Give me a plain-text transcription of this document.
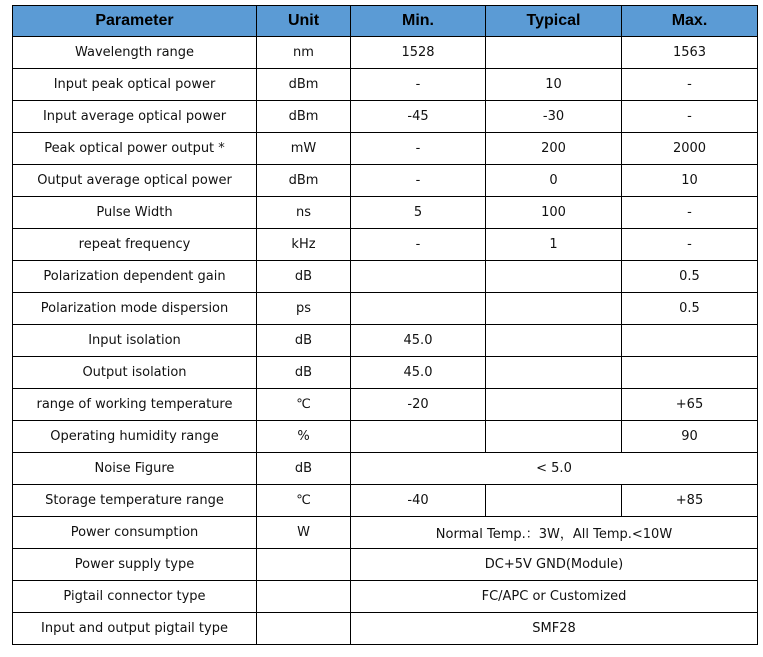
Parameter	Unit	Min.	Typical	Max.
Wavelength range	nm	1528		1563
Input peak optical power	dBm	-	10	-
Input average optical power	dBm	-45	-30	-
Peak optical power output *	mW	-	200	2000
Output average optical power	dBm	-	0	10
Pulse Width	ns	5	100	-
repeat frequency	kHz	-	1	-
Polarization dependent gain	dB			0.5
Polarization mode dispersion	ps			0.5
Input isolation	dB	45.0		
Output isolation	dB	45.0		
range of working temperature	℃	-20		+65
Operating humidity range	%			90
Noise Figure	dB	< 5.0		
Storage temperature range	℃	-40		+85
Power consumption	W	Normal Temp.：3W，All Temp.<10W		
Power supply type		DC+5V GND(Module)		
Pigtail connector type		FC/APC or Customized		
Input and output pigtail type		SMF28		
